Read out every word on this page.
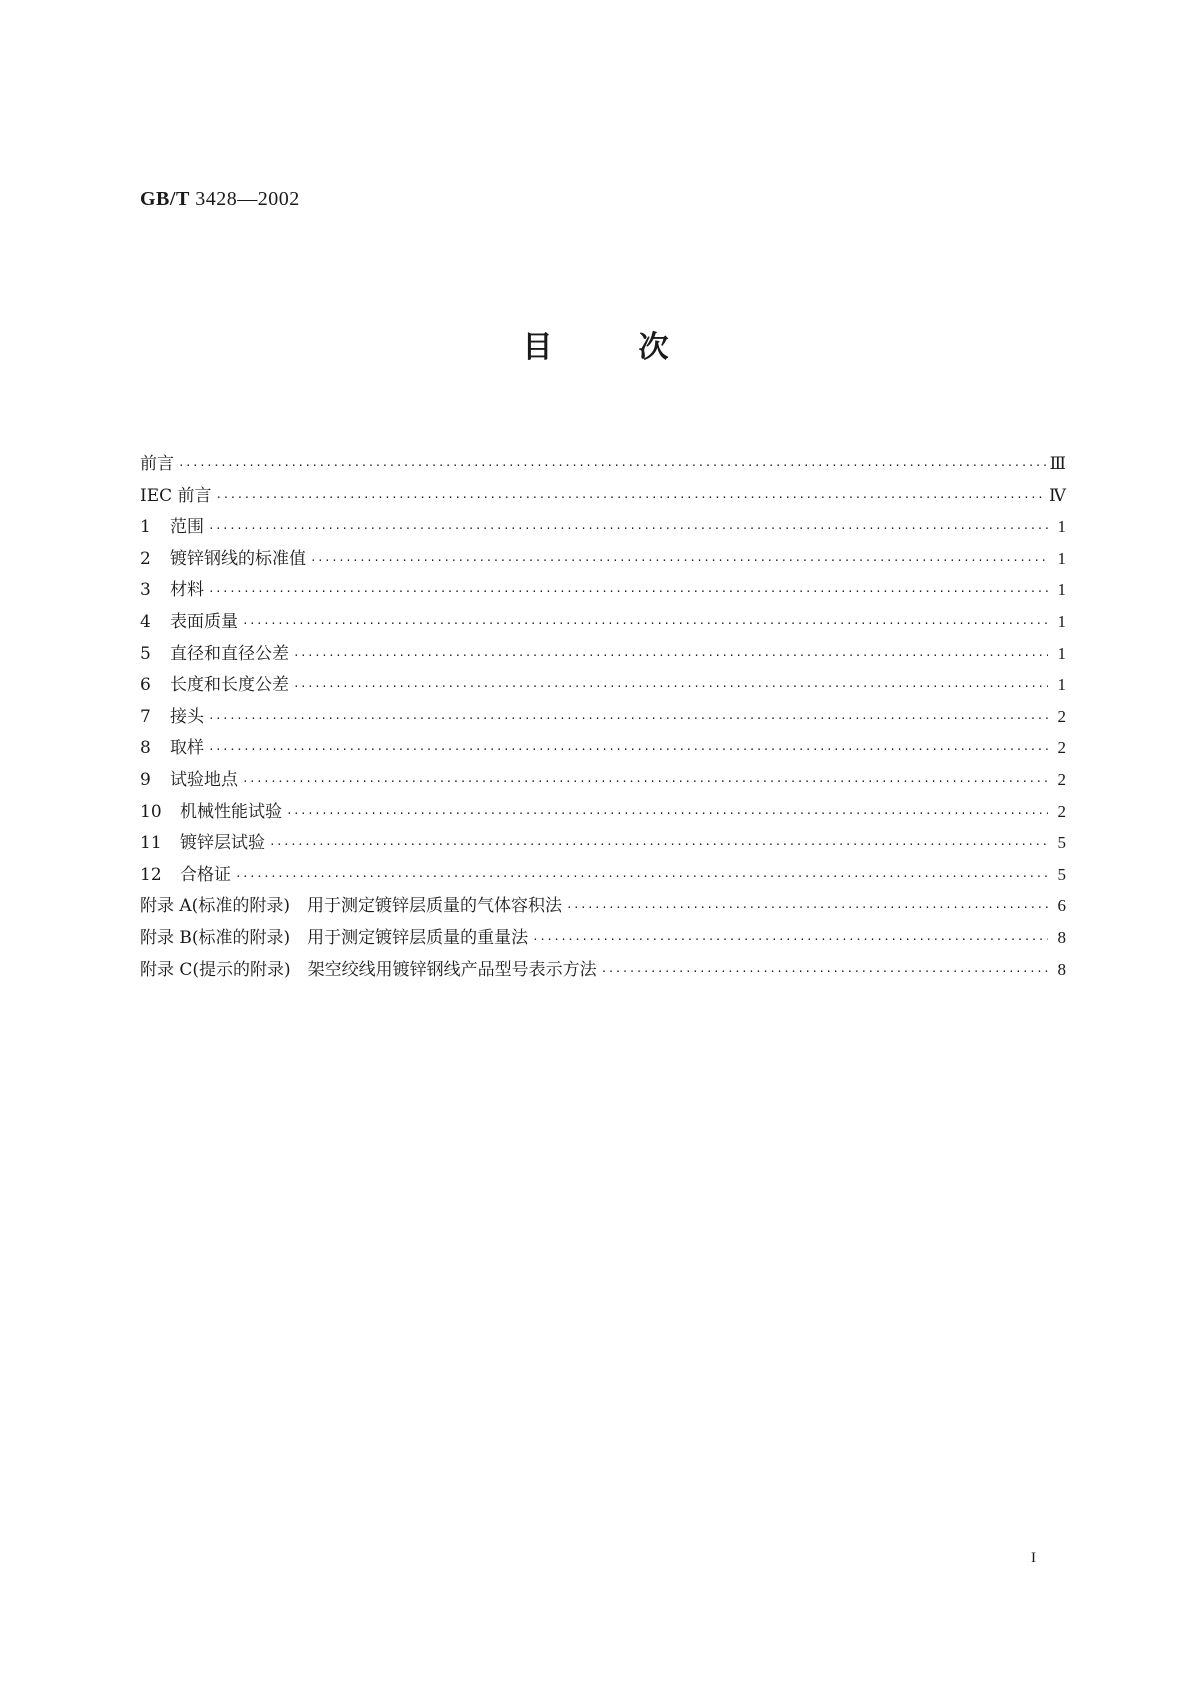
GB/T 3428—2002
目次
前言 ·····	Ⅲ
IEC 前言 ·····	Ⅳ
1 范围 ·····	1
2 镀锌钢线的标准值 ·····	1
3 材料 ·····	1
4 表面质量 ·····	1
5 直径和直径公差 ·····	1
6 长度和长度公差 ·····	1
7 接头 ·····	2
8 取样 ·····	2
9 试验地点 ·····	2
10 机械性能试验 ·····	2
11 镀锌层试验 ·····	5
12 合格证 ·····	5
附录 A(标准的附录)　用于测定镀锌层质量的气体容积法 ·····	6
附录 B(标准的附录)　用于测定镀锌层质量的重量法 ·····	8
附录 C(提示的附录)　架空绞线用镀锌钢线产品型号表示方法 ·····	8
I
